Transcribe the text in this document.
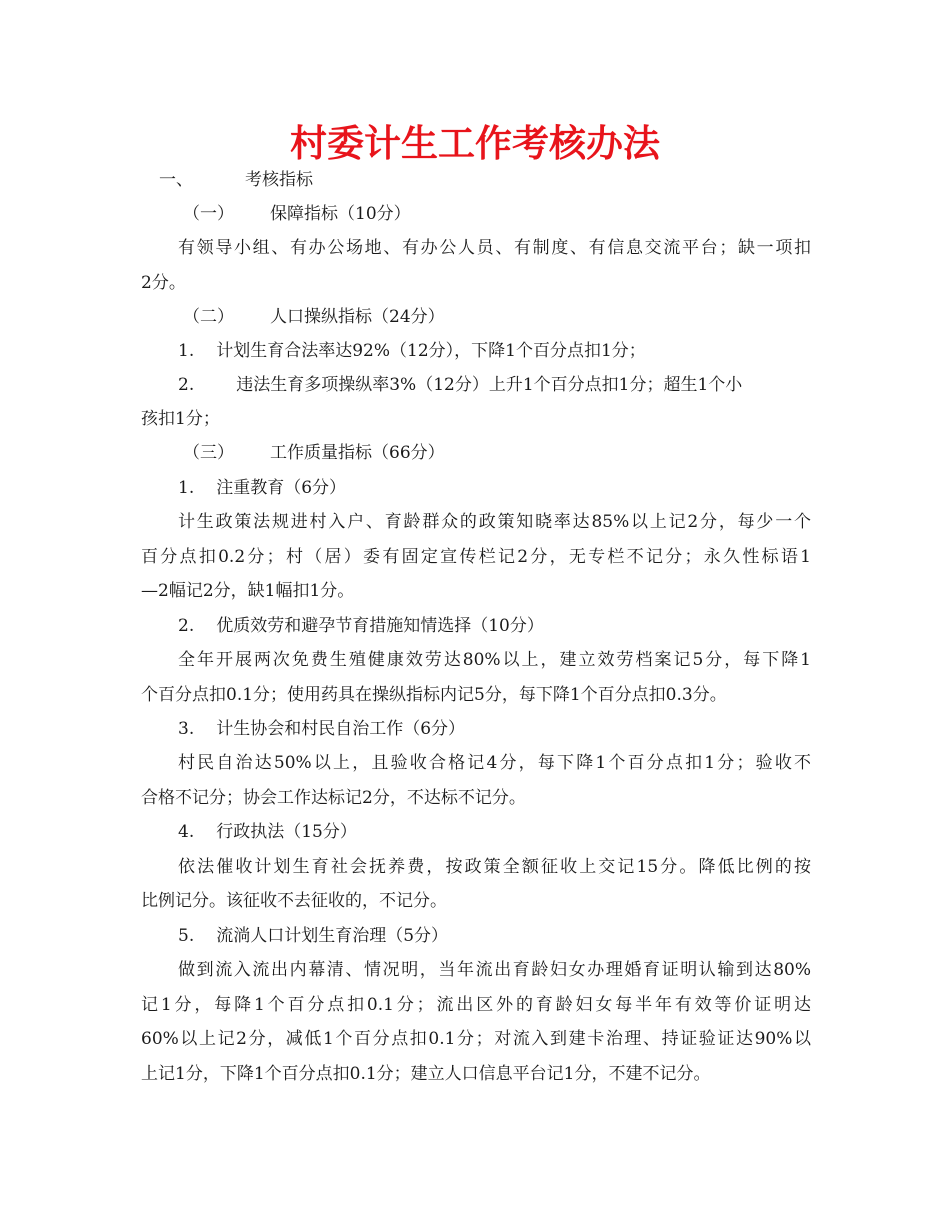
村委计生工作考核办法

一、	考核指标

（一） 保障指标（10分）

有领导小组、有办公场地、有办公人员、有制度、有信息交流平台；缺一项扣

2分。

（二） 人口操纵指标（24分）

1. 计划生育合法率达92%（12分），下降1个百分点扣1分；

2. 违法生育多项操纵率3%（12分）上升1个百分点扣1分；超生1个小

孩扣1分；

（三） 工作质量指标（66分）

1. 注重教育（6分）

计生政策法规进村入户、育龄群众的政策知晓率达85%以上记2分，每少一个

百分点扣0.2分；村（居）委有固定宣传栏记2分，无专栏不记分；永久性标语1

—2幅记2分，缺1幅扣1分。

2. 优质效劳和避孕节育措施知情选择（10分）

全年开展两次免费生殖健康效劳达80%以上，建立效劳档案记5分，每下降1

个百分点扣0.1分；使用药具在操纵指标内记5分，每下降1个百分点扣0.3分。

3. 计生协会和村民自治工作（6分）

村民自治达50%以上，且验收合格记4分，每下降1个百分点扣1分；验收不

合格不记分；协会工作达标记2分，不达标不记分。

4. 行政执法（15分）

依法催收计划生育社会抚养费，按政策全额征收上交记15分。降低比例的按

比例记分。该征收不去征收的，不记分。

5. 流淌人口计划生育治理（5分）

做到流入流出内幕清、情况明，当年流出育龄妇女办理婚育证明认输到达80%

记1分，每降1个百分点扣0.1分；流出区外的育龄妇女每半年有效等价证明达

60%以上记2分，减低1个百分点扣0.1分；对流入到建卡治理、持证验证达90%以

上记1分，下降1个百分点扣0.1分；建立人口信息平台记1分，不建不记分。
